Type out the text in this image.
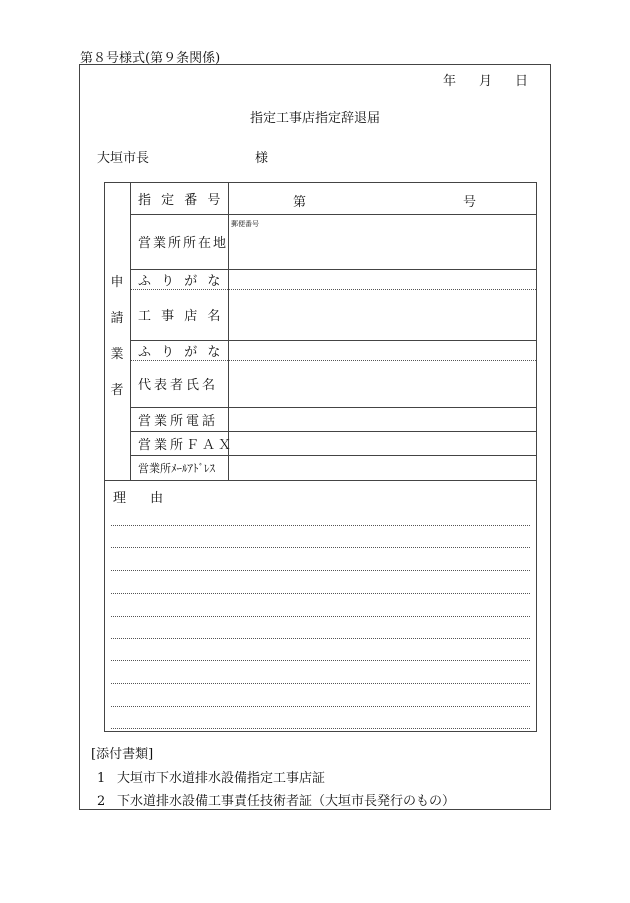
第８号様式(第９条関係)
年 月 日
指定工事店指定辞退届
大垣市長	様
申
請
業
者
指 定 番 号
営業所所在地
ふ り が な
工 事 店 名
ふ り が な
代表者氏名
営業所電話
営業所ＦＡＸ
営業所ﾒｰﾙｱﾄﾞﾚｽ
第	号
郵便番号
理 由
[添付書類]
1 大垣市下水道排水設備指定工事店証
2 下水道排水設備工事責任技術者証（大垣市長発行のもの）
